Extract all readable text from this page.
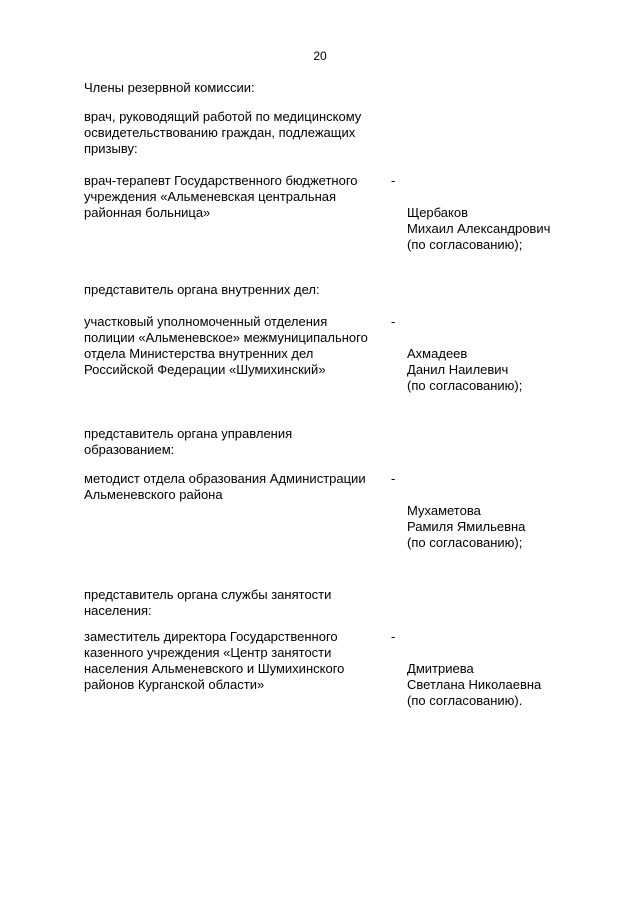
20
Члены резервной комиссии:
врач, руководящий работой по медицинскому
освидетельствованию граждан, подлежащих
призыву:
врач-терапевт Государственного бюджетного
учреждения «Альменевская центральная
районная больница»

-

Щербаков
Михаил Александрович
(по согласованию);

представитель органа внутренних дел:
участковый уполномоченный отделения
полиции «Альменевское» межмуниципального
отдела Министерства внутренних дел
Российской Федерации «Шумихинский»

-

Ахмадеев
Данил Наилевич
(по согласованию);

представитель органа управления
образованием:
методист отдела образования Администрации
Альменевского района

-

Мухаметова
Рамиля Ямильевна
(по согласованию);

представитель органа службы занятости
населения:
заместитель директора Государственного
казенного учреждения «Центр занятости
населения Альменевского и Шумихинского
районов Курганской области»

-

Дмитриева
Светлана Николаевна
(по согласованию).
